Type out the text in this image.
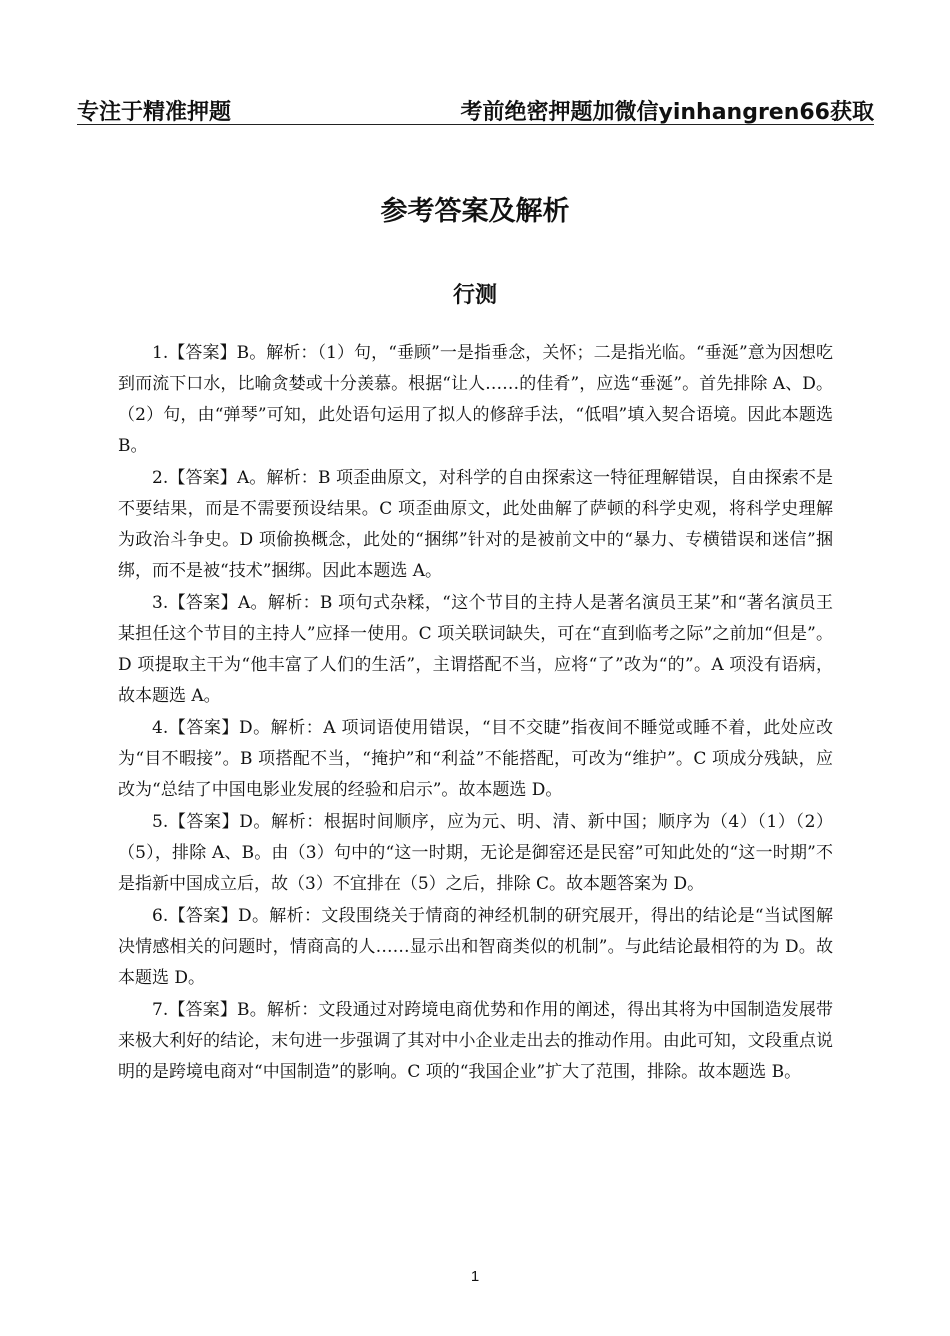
专注于精准押题	考前绝密押题加微信yinhangren66获取
参考答案及解析
行测

1.【答案】B。解析：（1）句，“垂顾”一是指垂念，关怀；二是指光临。“垂涎”意为因想吃到而流下口水，比喻贪婪或十分羡慕。根据“让人……的佳肴”，应选“垂涎”。首先排除 A、D。（2）句，由“弹琴”可知，此处语句运用了拟人的修辞手法，“低唱”填入契合语境。因此本题选 B。

2.【答案】A。解析：B 项歪曲原文，对科学的自由探索这一特征理解错误，自由探索不是不要结果，而是不需要预设结果。C 项歪曲原文，此处曲解了萨顿的科学史观，将科学史理解为政治斗争史。D 项偷换概念，此处的“捆绑”针对的是被前文中的“暴力、专横错误和迷信”捆绑，而不是被“技术”捆绑。因此本题选 A。

3.【答案】A。解析：B 项句式杂糅，“这个节目的主持人是著名演员王某”和“著名演员王某担任这个节目的主持人”应择一使用。C 项关联词缺失，可在“直到临考之际”之前加“但是”。D 项提取主干为“他丰富了人们的生活”，主谓搭配不当，应将“了”改为“的”。A 项没有语病，故本题选 A。

4.【答案】D。解析：A 项词语使用错误，“目不交睫”指夜间不睡觉或睡不着，此处应改为“目不暇接”。B 项搭配不当，“掩护”和“利益”不能搭配，可改为“维护”。C 项成分残缺，应改为“总结了中国电影业发展的经验和启示”。故本题选 D。

5.【答案】D。解析：根据时间顺序，应为元、明、清、新中国；顺序为（4）（1）（2）（5），排除 A、B。由（3）句中的“这一时期，无论是御窑还是民窑”可知此处的“这一时期”不是指新中国成立后，故（3）不宜排在（5）之后，排除 C。故本题答案为 D。

6.【答案】D。解析：文段围绕关于情商的神经机制的研究展开，得出的结论是“当试图解决情感相关的问题时，情商高的人……显示出和智商类似的机制”。与此结论最相符的为 D。故本题选 D。

7.【答案】B。解析：文段通过对跨境电商优势和作用的阐述，得出其将为中国制造发展带来极大利好的结论，末句进一步强调了其对中小企业走出去的推动作用。由此可知，文段重点说明的是跨境电商对“中国制造”的影响。C 项的“我国企业”扩大了范围，排除。故本题选 B。

1
